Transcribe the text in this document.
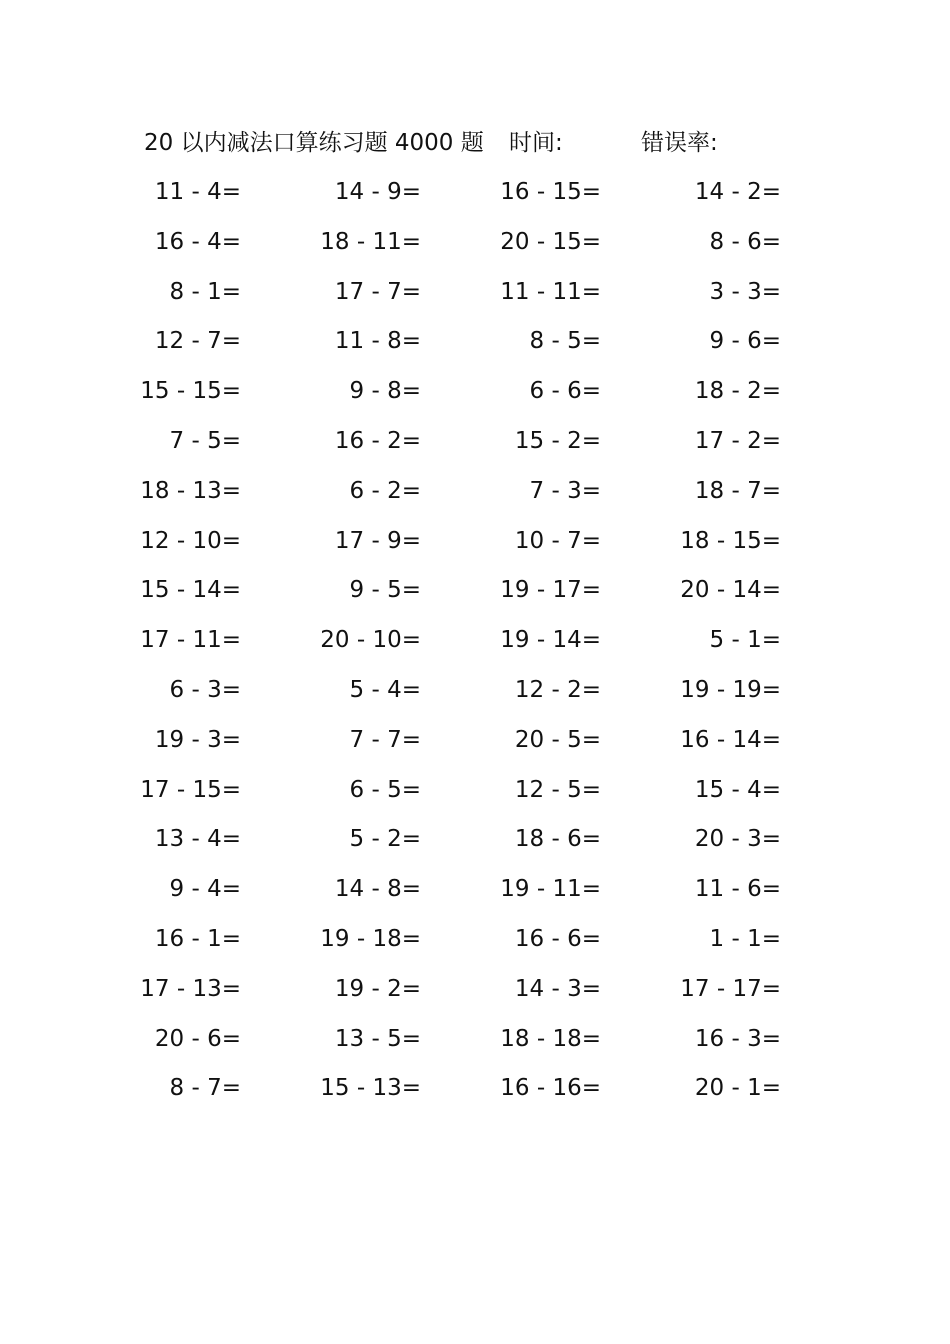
20 以内减法口算练习题 4000 题 时间:	错误率:
11 - 4=	14 - 9=	16 - 15=	14 - 2=
16 - 4=	18 - 11=	20 - 15=	8 - 6=
8 - 1=	17 - 7=	11 - 11=	3 - 3=
12 - 7=	11 - 8=	8 - 5=	9 - 6=
15 - 15=	9 - 8=	6 - 6=	18 - 2=
7 - 5=	16 - 2=	15 - 2=	17 - 2=
18 - 13=	6 - 2=	7 - 3=	18 - 7=
12 - 10=	17 - 9=	10 - 7=	18 - 15=
15 - 14=	9 - 5=	19 - 17=	20 - 14=
17 - 11=	20 - 10=	19 - 14=	5 - 1=
6 - 3=	5 - 4=	12 - 2=	19 - 19=
19 - 3=	7 - 7=	20 - 5=	16 - 14=
17 - 15=	6 - 5=	12 - 5=	15 - 4=
13 - 4=	5 - 2=	18 - 6=	20 - 3=
9 - 4=	14 - 8=	19 - 11=	11 - 6=
16 - 1=	19 - 18=	16 - 6=	1 - 1=
17 - 13=	19 - 2=	14 - 3=	17 - 17=
20 - 6=	13 - 5=	18 - 18=	16 - 3=
8 - 7=	15 - 13=	16 - 16=	20 - 1=
